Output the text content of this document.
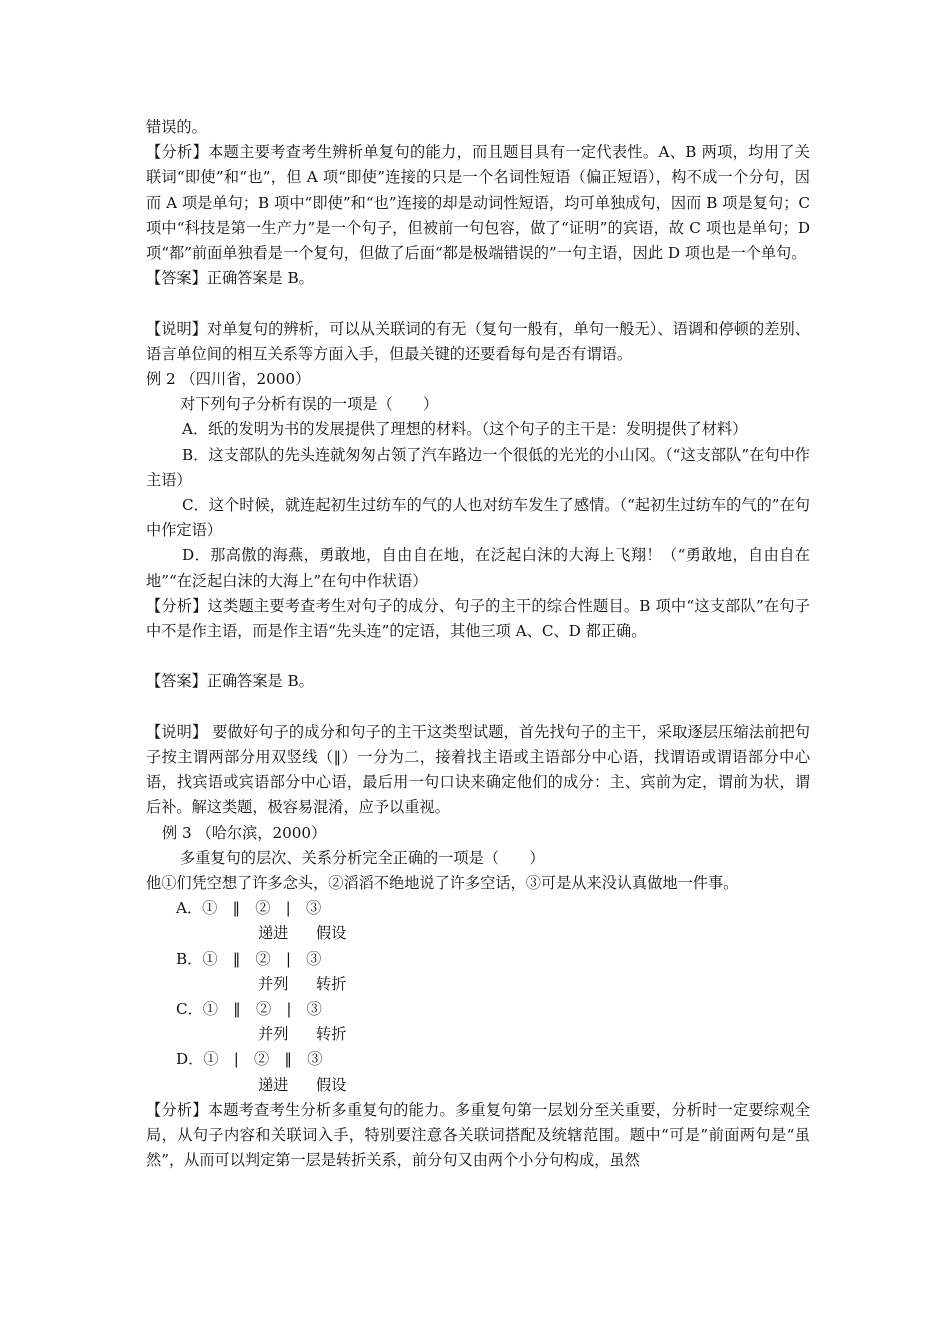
错误的。

【分析】本题主要考查考生辨析单复句的能力，而且题目具有一定代表性。A、B 两项，均用了关联词“即使”和“也”，但 A 项“即使”连接的只是一个名词性短语（偏正短语），构不成一个分句，因而 A 项是单句；B 项中“即使”和“也”连接的却是动词性短语，均可单独成句，因而 B 项是复句；C 项中“科技是第一生产力”是一个句子，但被前一句包容，做了“证明”的宾语，故 C 项也是单句；D 项“都”前面单独看是一个复句，但做了后面“都是极端错误的”一句主语，因此 D 项也是一个单句。

【答案】正确答案是 B。

【说明】对单复句的辨析，可以从关联词的有无（复句一般有，单句一般无）、语调和停顿的差别、语言单位间的相互关系等方面入手，但最关键的还要看每句是否有谓语。

例 2 （四川省，2000）

对下列句子分析有误的一项是（　　）

A．纸的发明为书的发展提供了理想的材料。（这个句子的主干是：发明提供了材料）

B．这支部队的先头连就匆匆占领了汽车路边一个很低的光光的小山冈。（“这支部队”在句中作主语）

C．这个时候，就连起初生过纺车的气的人也对纺车发生了感情。（“起初生过纺车的气的”在句中作定语）

D．那高傲的海燕，勇敢地，自由自在地，在泛起白沫的大海上飞翔！（“勇敢地，自由自在地”“在泛起白沫的大海上”在句中作状语）

【分析】这类题主要考查考生对句子的成分、句子的主干的综合性题目。B 项中“这支部队”在句子中不是作主语，而是作主语“先头连”的定语，其他三项 A、C、D 都正确。

【答案】正确答案是 B。

【说明】 要做好句子的成分和句子的主干这类型试题，首先找句子的主干，采取逐层压缩法前把句子按主谓两部分用双竖线（‖）一分为二，接着找主语或主语部分中心语，找谓语或谓语部分中心语，找宾语或宾语部分中心语，最后用一句口诀来确定他们的成分：主、宾前为定，谓前为状，谓后补。解这类题，极容易混淆，应予以重视。

例 3 （哈尔滨，2000）

多重复句的层次、关系分析完全正确的一项是（　　）

他①们凭空想了许多念头，②滔滔不绝地说了许多空话，③可是从来没认真做地一件事。

A．①　‖　②　|　③

递进 假设

B．①　‖　②　|　③

并列 转折

C．①　‖　②　|　③

并列 转折

D．①　|　②　‖　③

递进 假设

【分析】本题考查考生分析多重复句的能力。多重复句第一层划分至关重要，分析时一定要综观全局，从句子内容和关联词入手，特别要注意各关联词搭配及统辖范围。题中“可是”前面两句是“虽然”，从而可以判定第一层是转折关系，前分句又由两个小分句构成，虽然
